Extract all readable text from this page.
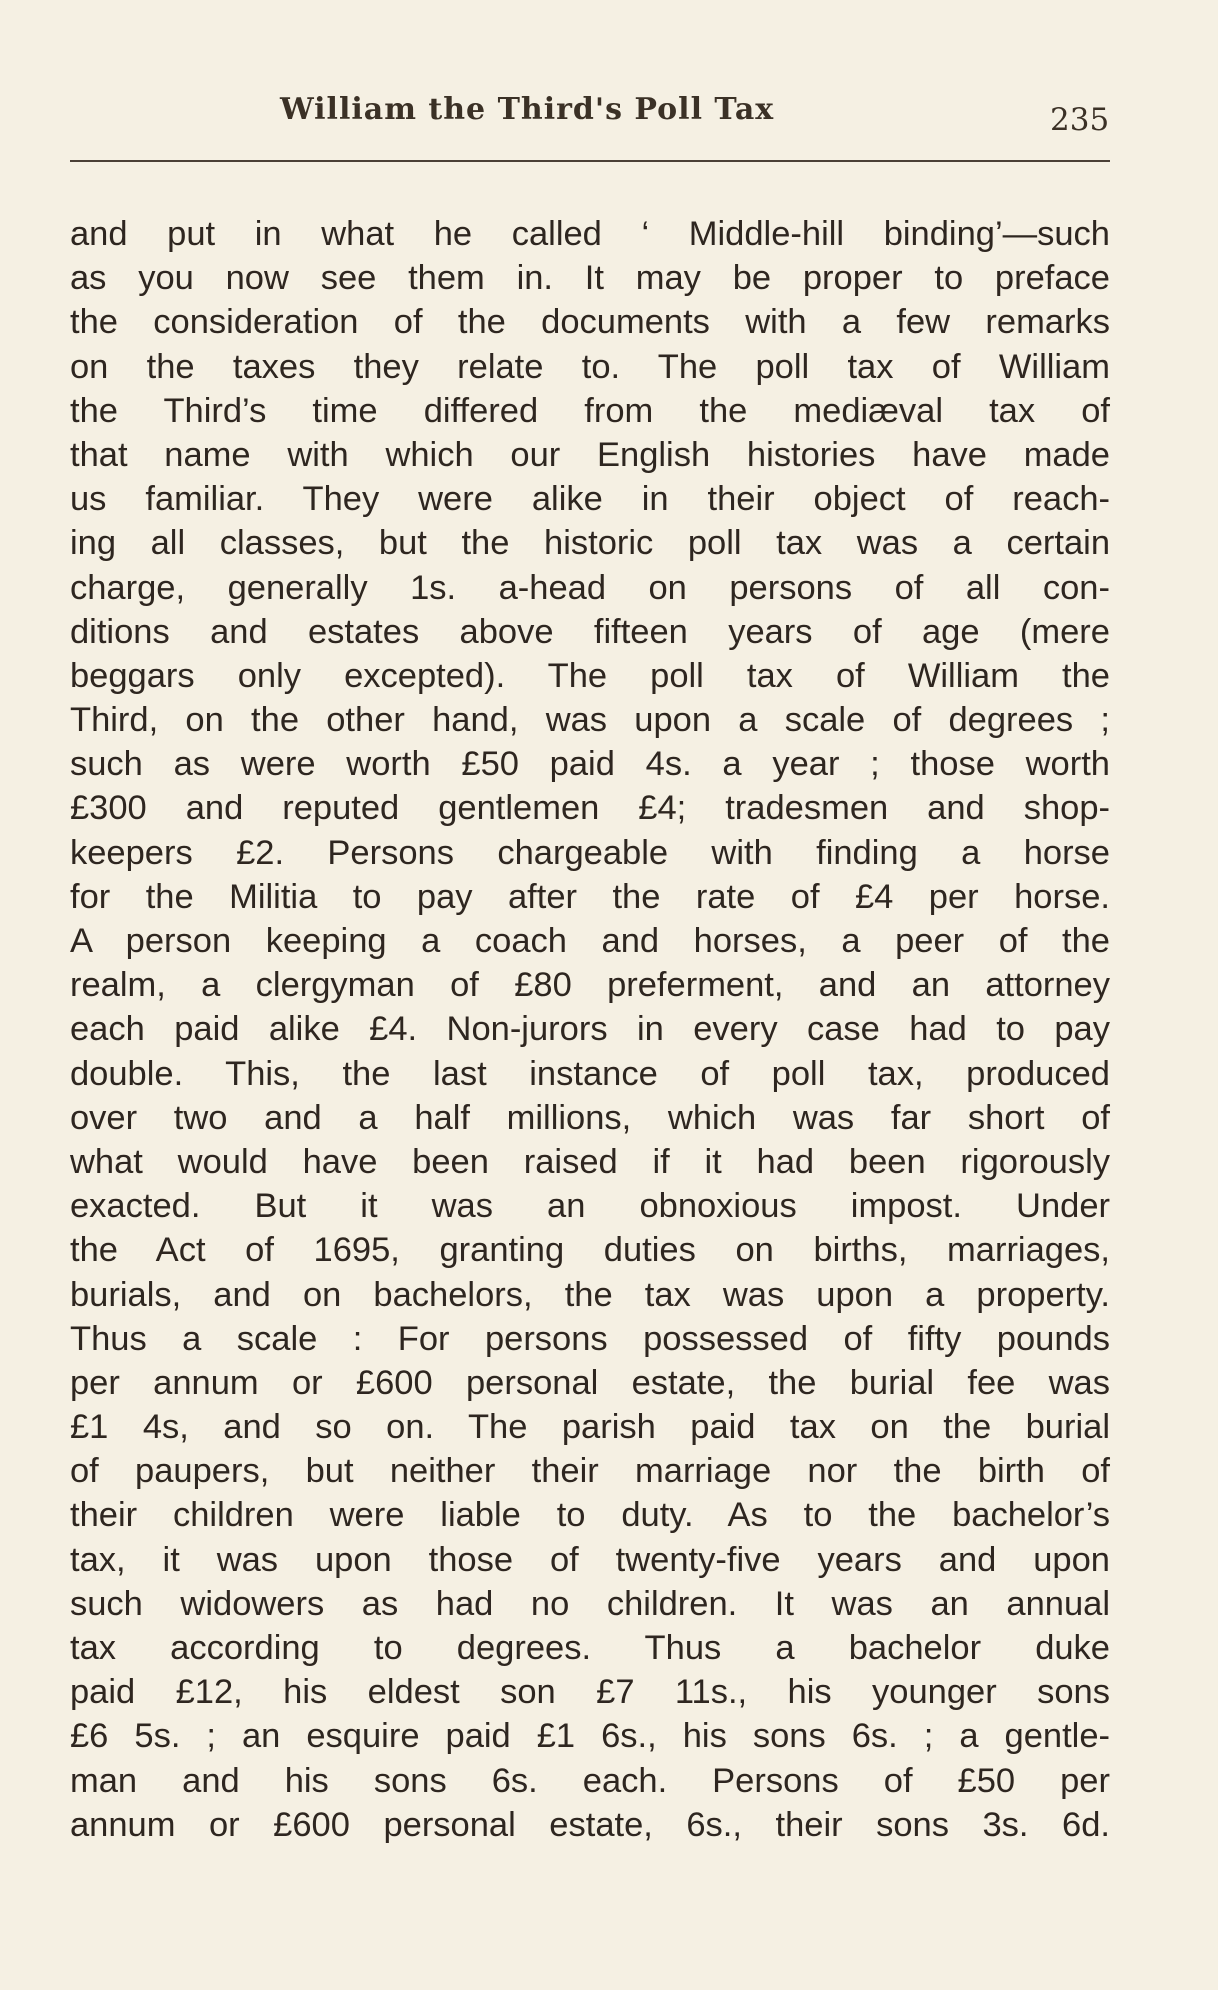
William the Third's Poll Tax	235
and put in what he called ‘ Middle-hill binding’—such
as you now see them in. It may be proper to preface
the consideration of the documents with a few remarks
on the taxes they relate to. The poll tax of William
the Third’s time differed from the mediæval tax of
that name with which our English histories have made
us familiar. They were alike in their object of reach-
ing all classes, but the historic poll tax was a certain
charge, generally 1s. a-head on persons of all con-
ditions and estates above fifteen years of age (mere
beggars only excepted). The poll tax of William the
Third, on the other hand, was upon a scale of degrees ;
such as were worth £50 paid 4s. a year ; those worth
£300 and reputed gentlemen £4; tradesmen and shop-
keepers £2. Persons chargeable with finding a horse
for the Militia to pay after the rate of £4 per horse.
A person keeping a coach and horses, a peer of the
realm, a clergyman of £80 preferment, and an attorney
each paid alike £4. Non-jurors in every case had to pay
double. This, the last instance of poll tax, produced
over two and a half millions, which was far short of
what would have been raised if it had been rigorously
exacted. But it was an obnoxious impost. Under
the Act of 1695, granting duties on births, marriages,
burials, and on bachelors, the tax was upon a property.
Thus a scale : For persons possessed of fifty pounds
per annum or £600 personal estate, the burial fee was
£1 4s, and so on. The parish paid tax on the burial
of paupers, but neither their marriage nor the birth of
their children were liable to duty. As to the bachelor’s
tax, it was upon those of twenty-five years and upon
such widowers as had no children. It was an annual
tax according to degrees. Thus a bachelor duke
paid £12, his eldest son £7 11s., his younger sons
£6 5s. ; an esquire paid £1 6s., his sons 6s. ; a gentle-
man and his sons 6s. each. Persons of £50 per
annum or £600 personal estate, 6s., their sons 3s. 6d.
